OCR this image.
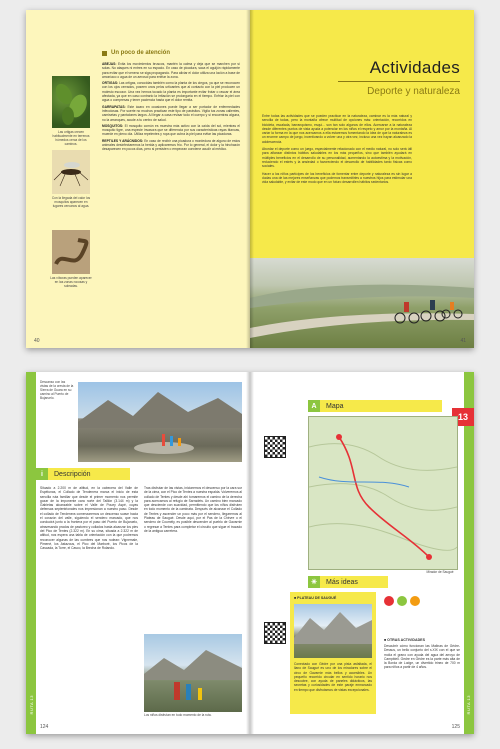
Las ortigas crecen habitualmente en terrenos húmedos cerca de los caminos.
Con la llegada del calor los mosquitos aparecen en lugares cercanos al agua.
Las víboras pueden aparecer en las zonas rocosas y soleadas.
Un poco de atención

ABEJAS: Evita los movimientos bruscos, mantén la calma y deja que se marchen por sí solas. No ataques ni entres en su espacio. En caso de picadura, saca el aguijón rápidamente para evitar que el veneno se siga propagando. Para aliviar el dolor utiliza una loción a base de amoníaco o agua de un aerosol para enfriar la zona.

ORTIGAS: Las ortigas, conocidas también como la planta de los ciegos, ya que se reconocen con los ojos cerrados, poseen unos pelos urticantes que al contacto con la piel producen un molesto escozor. Una vez hemos tocado la planta es importante evitar frotar o rascar el área afectada, ya que en caso contrario la irritación se prolongaría en el tiempo. Enfriar la piel con agua o compresas y tener paciencia hasta que el dolor remita.

GARRAPATAS: Este ácaro en ocasiones puede llegar a ser portador de enfermedades infecciosas. Por suerte no muchos practican este tipo de parásitos. Vigila tus zonas calientes, camisetas y pantalones largos. Al llegar a casa revisar todo el cuerpo y si encuentras alguna, no la arranques, acude a tu centro de salud.

MOSQUITOS: El mosquito común es muestra más activo con la caída del sol, mientras el mosquito tigre, una especie invasora que se diferencia por sus características rayas blancas, muerde en pleno día. Utiliza repelentes y ropa que cubra la piel para evitar las picaduras.

REPTILES Y ARÁCNIDOS: En caso de recibir una picadura o mordedura de alguno de estos animales desinfectaremos la herida y aplicaremos frío. Por lo general, el dolor y la hinchazón desaparecen en pocos días, pero si persisten o empeoran conviene acudir al médico.

40
Actividades
Deporte y naturaleza

Entre todas las actividades que se pueden practicar en la naturaleza, caminar es la más natural y sencilla de todas, pero la montaña ofrece multitud de opciones más: orientación, recorridos en bicicleta, escalada, barranquismo, esquí... son tan solo algunos de ellos. Acercarse a la naturaleza desde diferentes puntos de vista ayuda a potenciar en los niños el respeto y amor por la montaña. Al variar la forma en la que nos acercamos a ella estaremos fomentando la idea de que la naturaleza es un enorme campo de juego, incentivando a volver una y otra vez, incluso una vez hayan alcanzado la adolescencia.

Abordar el deporte como un juego, especialmente relacionado con el medio natural, no solo será útil para afianzar distintos hábitos saludables en los más pequeños, sino que también ayudará en múltiples beneficios en el desarrollo de su personalidad, aumentando la autoestima y la motivación, reduciendo el estrés y la ansiedad o favoreciendo el desarrollo de habilidades tanto físicas como sociales.

Hacer a los niños partícipes de los beneficios de fomentar entre deporte y naturaleza es sin lugar a dudas una de las mejores enseñanzas que podemos transmitirles a nuestros hijos para estimular una vida saludable, y evitar de este modo que en un futuro desarrollen hábitos sedentarios.

41
RUTA 13
Descanso con las vistas de la cresta de la Sierra de Guara en su camino al Puerto de Bujaruelo.
i	Descripción
Situado a 2.200 m de altitud, en la cabecera del Valle de Espélunas, el Collado de Tendenera marca el inicio de esta sencilla ruta familiar que desde el primer momento nos permite gozar de la imponente cara norte del Taillón (3.144 m) y la Gabietas alcanzable sobre el Valle de Pouey Aspé, cuyas defensas septentrionales nos impresionan a nuestro paso. Desde el collado de Tendenera comenzaremos un descenso suave hacia el corazón del valle, siguiendo el sendero marcado, que nos conducirá junto a la frontera por el paso del Puerto de Bujaruelo, atravesando prados de pastoreo y collados hasta alcanzar los pies del Pico de Tentes (2.322 m). En su cima, situada a 2.322 m de altitud, nos espera una tabla de orientación con la que podremos reconocer algunas de las cumbres que nos rodean: Vignemale, Pimené, los Astazous, el Pico del Marboré, los Picos de la Cascada, la Torre, el Casco, la Brecha de Rolando.
Tras disfrutar de las vistas, iniciaremos el descenso por la cara sur de la cima, con el Pico de Tentes a nuestra espalda. Volveremos al collado de Tentes y desde ahí tomaremos el camino de la derecha para acercarnos al refugio de Sarradets. Un camino bien marcado que desciende con suavidad, permitiendo que los niños disfruten en todo momento de la caminata. Después de alcanzar el Collado de Tentes y ascender un poco más por el sendero, llegaremos al Plateau de Saugué. Desde aquí, por el Pas de la Chèvre o el sendero de Coumély, es posible descender al pueblo de Gavarnie o regresar a Tentes para completar el circuito que sigue el trazado de la antigua carretera.
Los niños disfrutan en todo momento de la ruta.
124
RUTA 13
13
A	Mapa
Mirador de Saugué
✳	Más ideas
■ PLATEAU DE SAUGUÉ
Conectado con Gèdre por una pista asfaltada, el llano de Saugué es uno de los miradores sobre el circo de Gavarnie más bellos y accesibles. Un pequeño recorrido circular en sentido horario nos descubre, con ayuda de paneles didácticos, las secretas y curiosidades de este paraje enmarcado en tiempo que disfrutamos de vistas excepcionales.
■ OTRAS ACTIVIDADES
Descubrir cómo funcionan las Malinas de Gèdre-Dessus, un bello conjunto del s.XIX con el que se molía el grano con ayuda del agua del arroyo de Campbiell. Gedre en Gèdre es la parte más alta de la Borda de Lodge, un divertido trineo de 700 m para niños a partir de 4 años.
125
